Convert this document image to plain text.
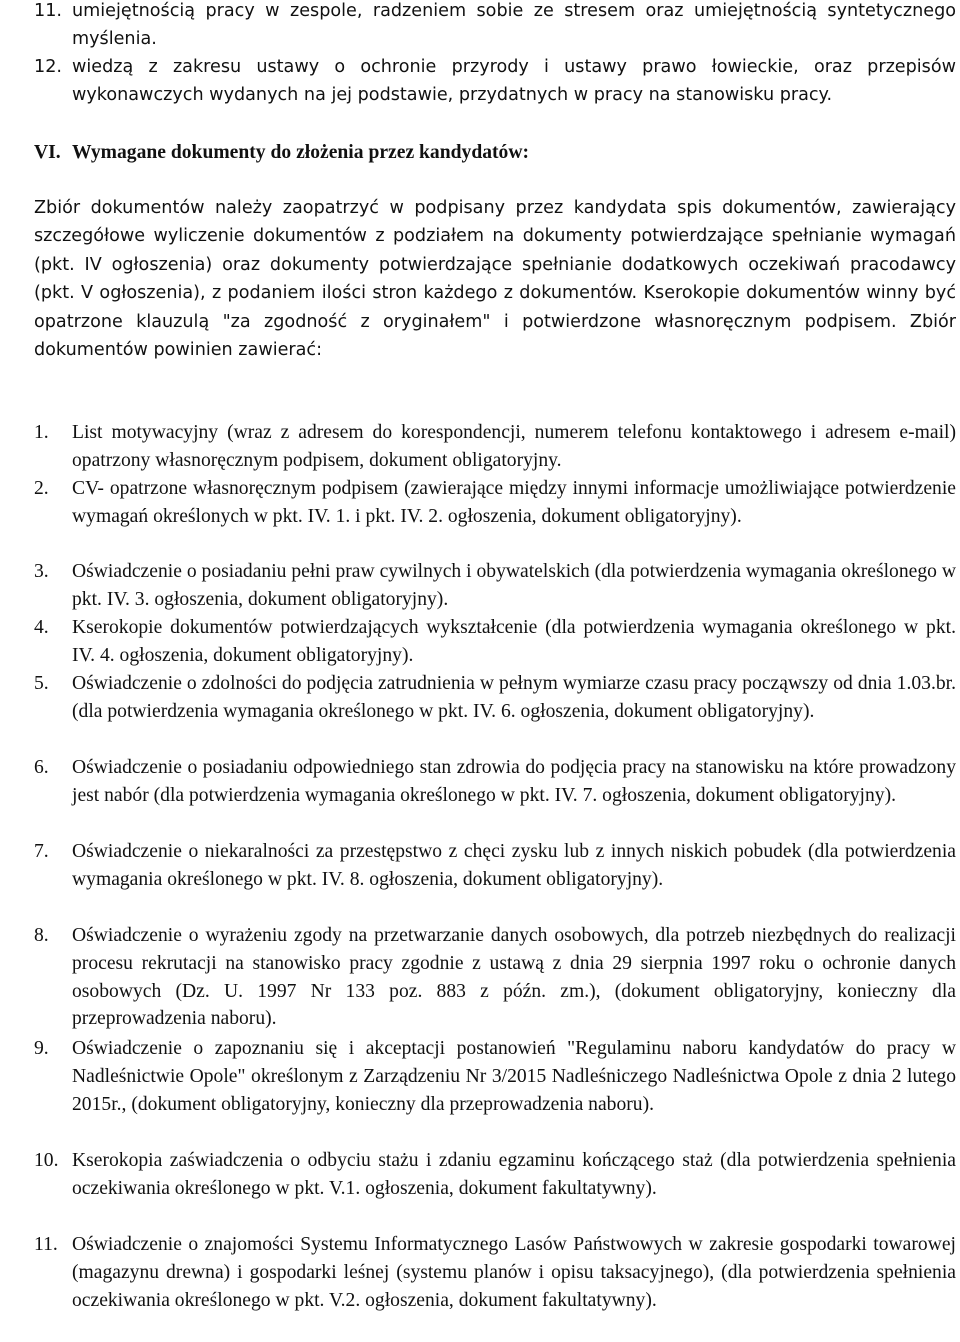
11. umiejętnością pracy w zespole, radzeniem sobie ze stresem oraz umiejętnością syntetycznego myślenia.
12. wiedzą z zakresu ustawy o ochronie przyrody i ustawy prawo łowieckie, oraz przepisów wykonawczych wydanych na jej podstawie, przydatnych w pracy na stanowisku pracy.
VI. Wymagane dokumenty do złożenia przez kandydatów:
Zbiór dokumentów należy zaopatrzyć w podpisany przez kandydata spis dokumentów, zawierający szczegółowe wyliczenie dokumentów z podziałem na dokumenty potwierdzające spełnianie wymagań (pkt. IV ogłoszenia) oraz dokumenty potwierdzające spełnianie dodatkowych oczekiwań pracodawcy (pkt. V ogłoszenia), z podaniem ilości stron każdego z dokumentów. Kserokopie dokumentów winny być opatrzone klauzulą "za zgodność z oryginałem" i potwierdzone własnoręcznym podpisem. Zbiór dokumentów powinien zawierać:
1.	List motywacyjny (wraz z adresem do korespondencji, numerem telefonu kontaktowego i adresem e-mail) opatrzony własnoręcznym podpisem, dokument obligatoryjny.
2.	CV- opatrzone własnoręcznym podpisem (zawierające między innymi informacje umożliwiające potwierdzenie wymagań określonych w pkt. IV. 1. i pkt. IV. 2. ogłoszenia, dokument obligatoryjny).
3.	Oświadczenie o posiadaniu pełni praw cywilnych i obywatelskich (dla potwierdzenia wymagania określonego w pkt. IV. 3. ogłoszenia, dokument obligatoryjny).
4.	Kserokopie dokumentów potwierdzających wykształcenie (dla potwierdzenia wymagania określonego w pkt. IV. 4. ogłoszenia, dokument obligatoryjny).
5.	Oświadczenie o zdolności do podjęcia zatrudnienia w pełnym wymiarze czasu pracy począwszy od dnia 1.03.br. (dla potwierdzenia wymagania określonego w pkt. IV. 6. ogłoszenia, dokument obligatoryjny).
6.	Oświadczenie o posiadaniu odpowiedniego stan zdrowia do podjęcia pracy na stanowisku na które prowadzony jest nabór (dla potwierdzenia wymagania określonego w pkt. IV. 7. ogłoszenia, dokument obligatoryjny).
7.	Oświadczenie o niekaralności za przestępstwo z chęci zysku lub z innych niskich pobudek (dla potwierdzenia wymagania określonego w pkt. IV. 8. ogłoszenia, dokument obligatoryjny).
8.	Oświadczenie o wyrażeniu zgody na przetwarzanie danych osobowych, dla potrzeb niezbędnych do realizacji procesu rekrutacji na stanowisko pracy zgodnie z ustawą z dnia 29 sierpnia 1997 roku o ochronie danych osobowych (Dz. U. 1997 Nr 133 poz. 883 z późn. zm.), (dokument obligatoryjny, konieczny dla przeprowadzenia naboru).
9.	Oświadczenie o zapoznaniu się i akceptacji postanowień "Regulaminu naboru kandydatów do pracy w Nadleśnictwie Opole" określonym z Zarządzeniu Nr 3/2015 Nadleśniczego Nadleśnictwa Opole z dnia 2 lutego 2015r., (dokument obligatoryjny, konieczny dla przeprowadzenia naboru).
10. Kserokopia zaświadczenia o odbyciu stażu i zdaniu egzaminu kończącego staż (dla potwierdzenia spełnienia oczekiwania określonego w pkt. V.1. ogłoszenia, dokument fakultatywny).
11. Oświadczenie o znajomości Systemu Informatycznego Lasów Państwowych w zakresie gospodarki towarowej (magazynu drewna) i gospodarki leśnej (systemu planów i opisu taksacyjnego), (dla potwierdzenia spełnienia oczekiwania określonego w pkt. V.2. ogłoszenia, dokument fakultatywny).
